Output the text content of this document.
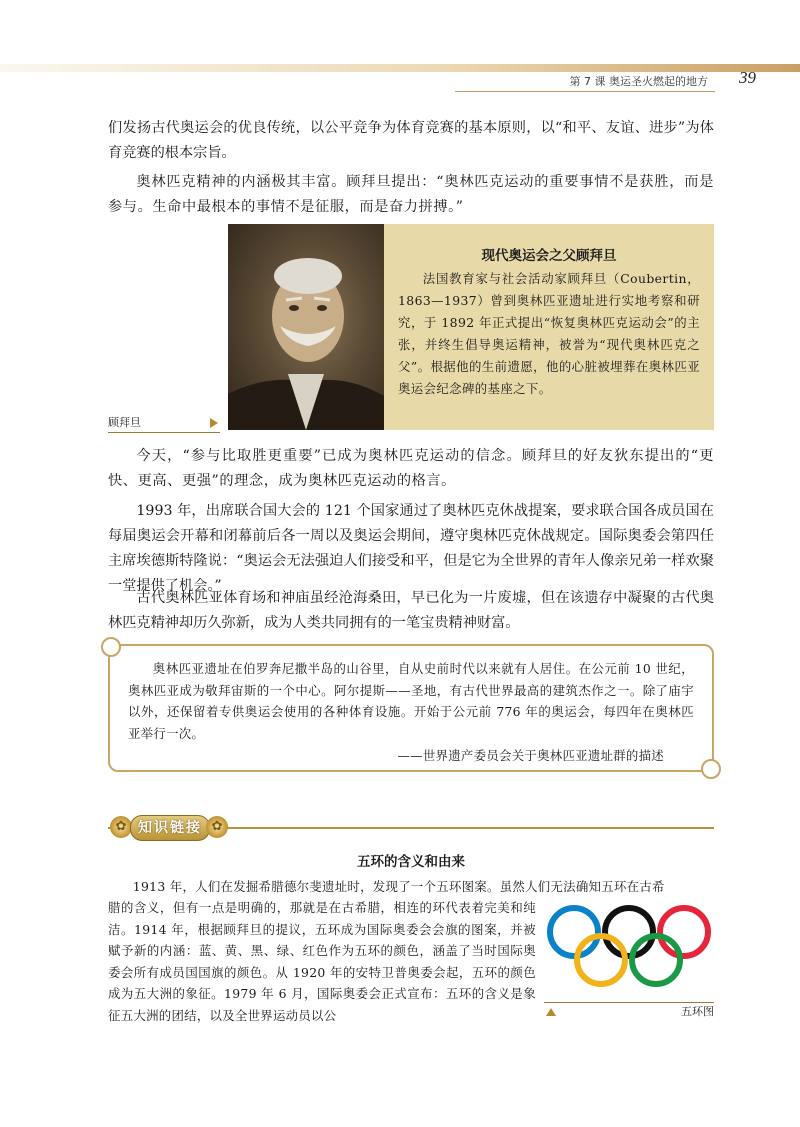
第 7 课 奥运圣火燃起的地方 39

们发扬古代奥运会的优良传统，以公平竞争为体育竞赛的基本原则，以“和平、友谊、进步”为体育竞赛的根本宗旨。

奥林匹克精神的内涵极其丰富。顾拜旦提出：“奥林匹克运动的重要事情不是获胜，而是参与。生命中最根本的事情不是征服，而是奋力拼搏。”

现代奥运会之父顾拜旦

法国教育家与社会活动家顾拜旦（Coubertin，1863—1937）曾到奥林匹亚遗址进行实地考察和研究，于 1892 年正式提出“恢复奥林匹克运动会”的主张，并终生倡导奥运精神，被誉为“现代奥林匹克之父”。根据他的生前遗愿，他的心脏被埋葬在奥林匹亚奥运会纪念碑的基座之下。

顾拜旦

今天，“参与比取胜更重要”已成为奥林匹克运动的信念。顾拜旦的好友狄东提出的“更快、更高、更强”的理念，成为奥林匹克运动的格言。

1993 年，出席联合国大会的 121 个国家通过了奥林匹克休战提案，要求联合国各成员国在每届奥运会开幕和闭幕前后各一周以及奥运会期间，遵守奥林匹克休战规定。国际奥委会第四任主席埃德斯特隆说：“奥运会无法强迫人们接受和平，但是它为全世界的青年人像亲兄弟一样欢聚一堂提供了机会。”

古代奥林匹亚体育场和神庙虽经沧海桑田，早已化为一片废墟，但在该遗存中凝聚的古代奥林匹克精神却历久弥新，成为人类共同拥有的一笔宝贵精神财富。

奥林匹亚遗址在伯罗奔尼撒半岛的山谷里，自从史前时代以来就有人居住。在公元前 10 世纪，奥林匹亚成为敬拜宙斯的一个中心。阿尔提斯——圣地，有古代世界最高的建筑杰作之一。除了庙宇以外，还保留着专供奥运会使用的各种体育设施。开始于公元前 776 年的奥运会，每四年在奥林匹亚举行一次。

——世界遗产委员会关于奥林匹亚遗址群的描述

✿ 知识链接 ✿
五环的含义和由来

1913 年，人们在发掘希腊德尔斐遗址时，发现了一个五环图案。虽然人们无法确知五环在古希

腊的含义，但有一点是明确的，那就是在古希腊，相连的环代表着完美和纯洁。1914 年，根据顾拜旦的提议，五环成为国际奥委会会旗的图案，并被赋予新的内涵：蓝、黄、黑、绿、红色作为五环的颜色，涵盖了当时国际奥委会所有成员国国旗的颜色。从 1920 年的安特卫普奥委会起，五环的颜色成为五大洲的象征。1979 年 6 月，国际奥委会正式宣布：五环的含义是象征五大洲的团结，以及全世界运动员以公	五环图
